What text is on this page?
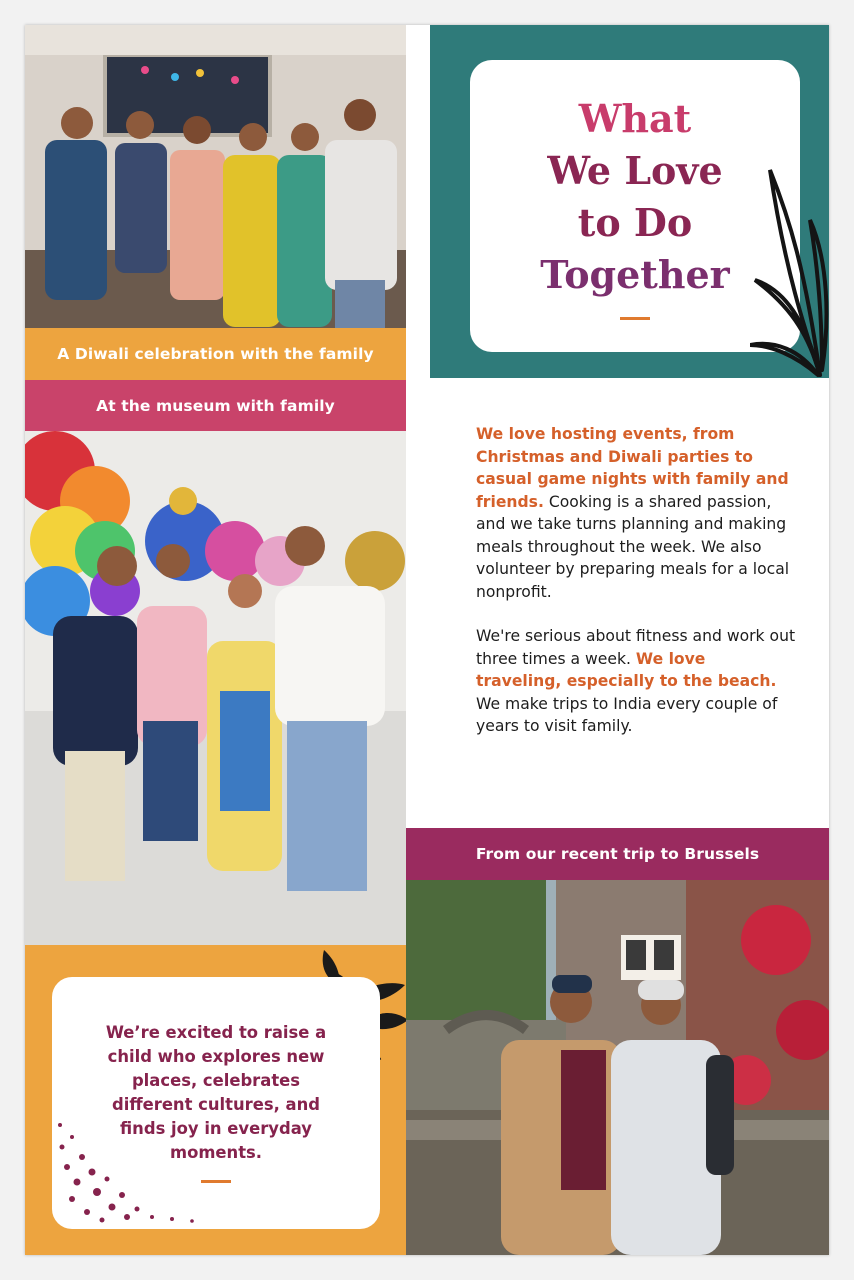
A Diwali celebration with the family
At the museum with family
We’re excited to raise a child who explores new places, celebrates different cultures, and finds joy in everyday moments.
What
We Love
to Do
Together

We love hosting events, from Christmas and Diwali parties to casual game nights with family and friends. Cooking is a shared passion, and we take turns planning and making meals throughout the week. We also volunteer by preparing meals for a local nonprofit.

We're serious about fitness and work out three times a week. We love traveling, especially to the beach. We make trips to India every couple of years to visit family.

From our recent trip to Brussels
